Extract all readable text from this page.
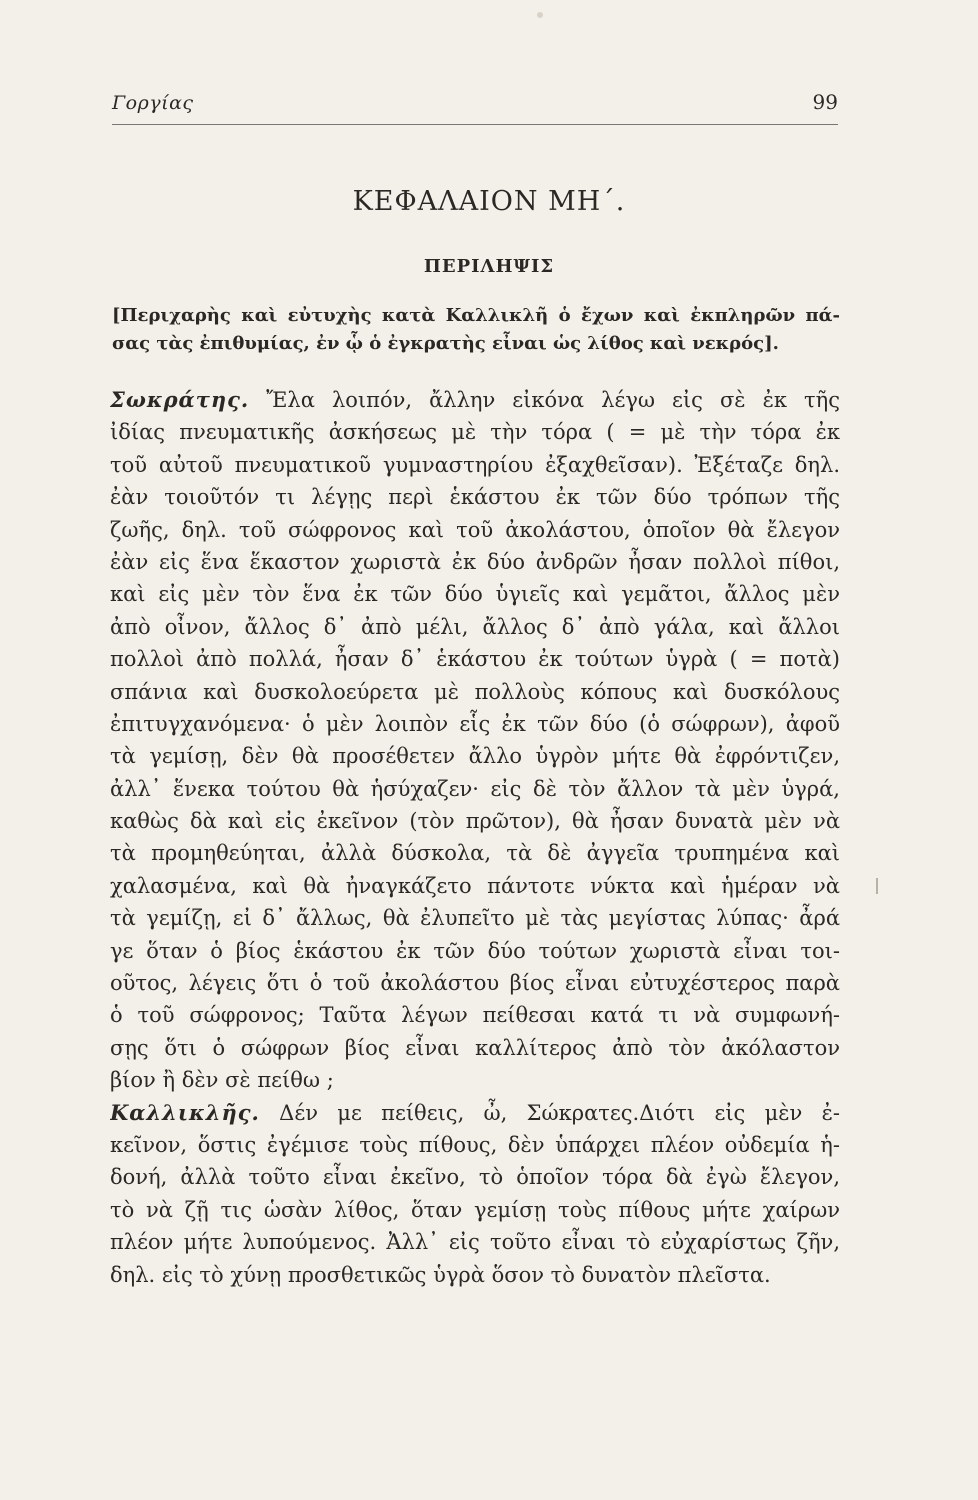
Γοργίας	99
ΚΕΦΑΛΑΙΟΝ ΜΗ΄.
ΠΕΡΙΛΗΨΙΣ
[Περιχαρὴς καὶ εὐτυχὴς κατὰ Καλλικλῆ ὁ ἔχων καὶ ἐκπληρῶν πά-
σας τὰς ἐπιθυμίας, ἐν ᾧ ὁ ἐγκρατὴς εἶναι ὡς λίθος καὶ νεκρός].
Σωκράτης. Ἔλα λοιπόν, ἄλλην εἰκόνα λέγω εἰς σὲ ἐκ τῆς
ἰδίας πνευματικῆς ἀσκήσεως μὲ τὴν τόρα ( = μὲ τὴν τόρα ἐκ
τοῦ αὐτοῦ πνευματικοῦ γυμναστηρίου ἐξαχθεῖσαν). Ἐξέταζε δηλ.
ἐὰν τοιοῦτόν τι λέγῃς περὶ ἑκάστου ἐκ τῶν δύο τρόπων τῆς
ζωῆς, δηλ. τοῦ σώφρονος καὶ τοῦ ἀκολάστου, ὁποῖον θὰ ἔλεγον
ἐὰν εἰς ἕνα ἕκαστον χωριστὰ ἐκ δύο ἀνδρῶν ἦσαν πολλοὶ πίθοι,
καὶ εἰς μὲν τὸν ἕνα ἐκ τῶν δύο ὑγιεῖς καὶ γεμᾶτοι, ἄλλος μὲν
ἀπὸ οἶνον, ἄλλος δ᾽ ἀπὸ μέλι, ἄλλος δ᾽ ἀπὸ γάλα, καὶ ἄλλοι
πολλοὶ ἀπὸ πολλά, ἦσαν δ᾽ ἑκάστου ἐκ τούτων ὑγρὰ ( = ποτὰ)
σπάνια καὶ δυσκολοεύρετα μὲ πολλοὺς κόπους καὶ δυσκόλους
ἐπιτυγχανόμενα· ὁ μὲν λοιπὸν εἷς ἐκ τῶν δύο (ὁ σώφρων), ἀφοῦ
τὰ γεμίσῃ, δὲν θὰ προσέθετεν ἄλλο ὑγρὸν μήτε θὰ ἐφρόντιζεν,
ἀλλ᾽ ἕνεκα τούτου θὰ ἡσύχαζεν· εἰς δὲ τὸν ἄλλον τὰ μὲν ὑγρά,
καθὼς δὰ καὶ εἰς ἐκεῖνον (τὸν πρῶτον), θὰ ἦσαν δυνατὰ μὲν νὰ
τὰ προμηθεύηται, ἀλλὰ δύσκολα, τὰ δὲ ἀγγεῖα τρυπημένα καὶ
χαλασμένα, καὶ θὰ ἠναγκάζετο πάντοτε νύκτα καὶ ἡμέραν νὰ
τὰ γεμίζῃ, εἰ δ᾽ ἄλλως, θὰ ἐλυπεῖτο μὲ τὰς μεγίστας λύπας· ἆρά
γε ὅταν ὁ βίος ἑκάστου ἐκ τῶν δύο τούτων χωριστὰ εἶναι τοι-
οῦτος, λέγεις ὅτι ὁ τοῦ ἀκολάστου βίος εἶναι εὐτυχέστερος παρὰ
ὁ τοῦ σώφρονος; Ταῦτα λέγων πείθεσαι κατά τι νὰ συμφωνή-
σῃς ὅτι ὁ σώφρων βίος εἶναι καλλίτερος ἀπὸ τὸν ἀκόλαστον
βίον ἢ δὲν σὲ πείθω ;
Καλλικλῆς. Δέν με πείθεις, ὦ, Σώκρατες.Διότι εἰς μὲν ἐ-
κεῖνον, ὅστις ἐγέμισε τοὺς πίθους, δὲν ὑπάρχει πλέον οὐδεμία ἡ-
δονή, ἀλλὰ τοῦτο εἶναι ἐκεῖνο, τὸ ὁποῖον τόρα δὰ ἐγὼ ἔλεγον,
τὸ νὰ ζῇ τις ὡσὰν λίθος, ὅταν γεμίσῃ τοὺς πίθους μήτε χαίρων
πλέον μήτε λυπούμενος. Ἀλλ᾽ εἰς τοῦτο εἶναι τὸ εὐχαρίστως ζῆν,
δηλ. εἰς τὸ χύνῃ προσθετικῶς ὑγρὰ ὅσον τὸ δυνατὸν πλεῖστα.
